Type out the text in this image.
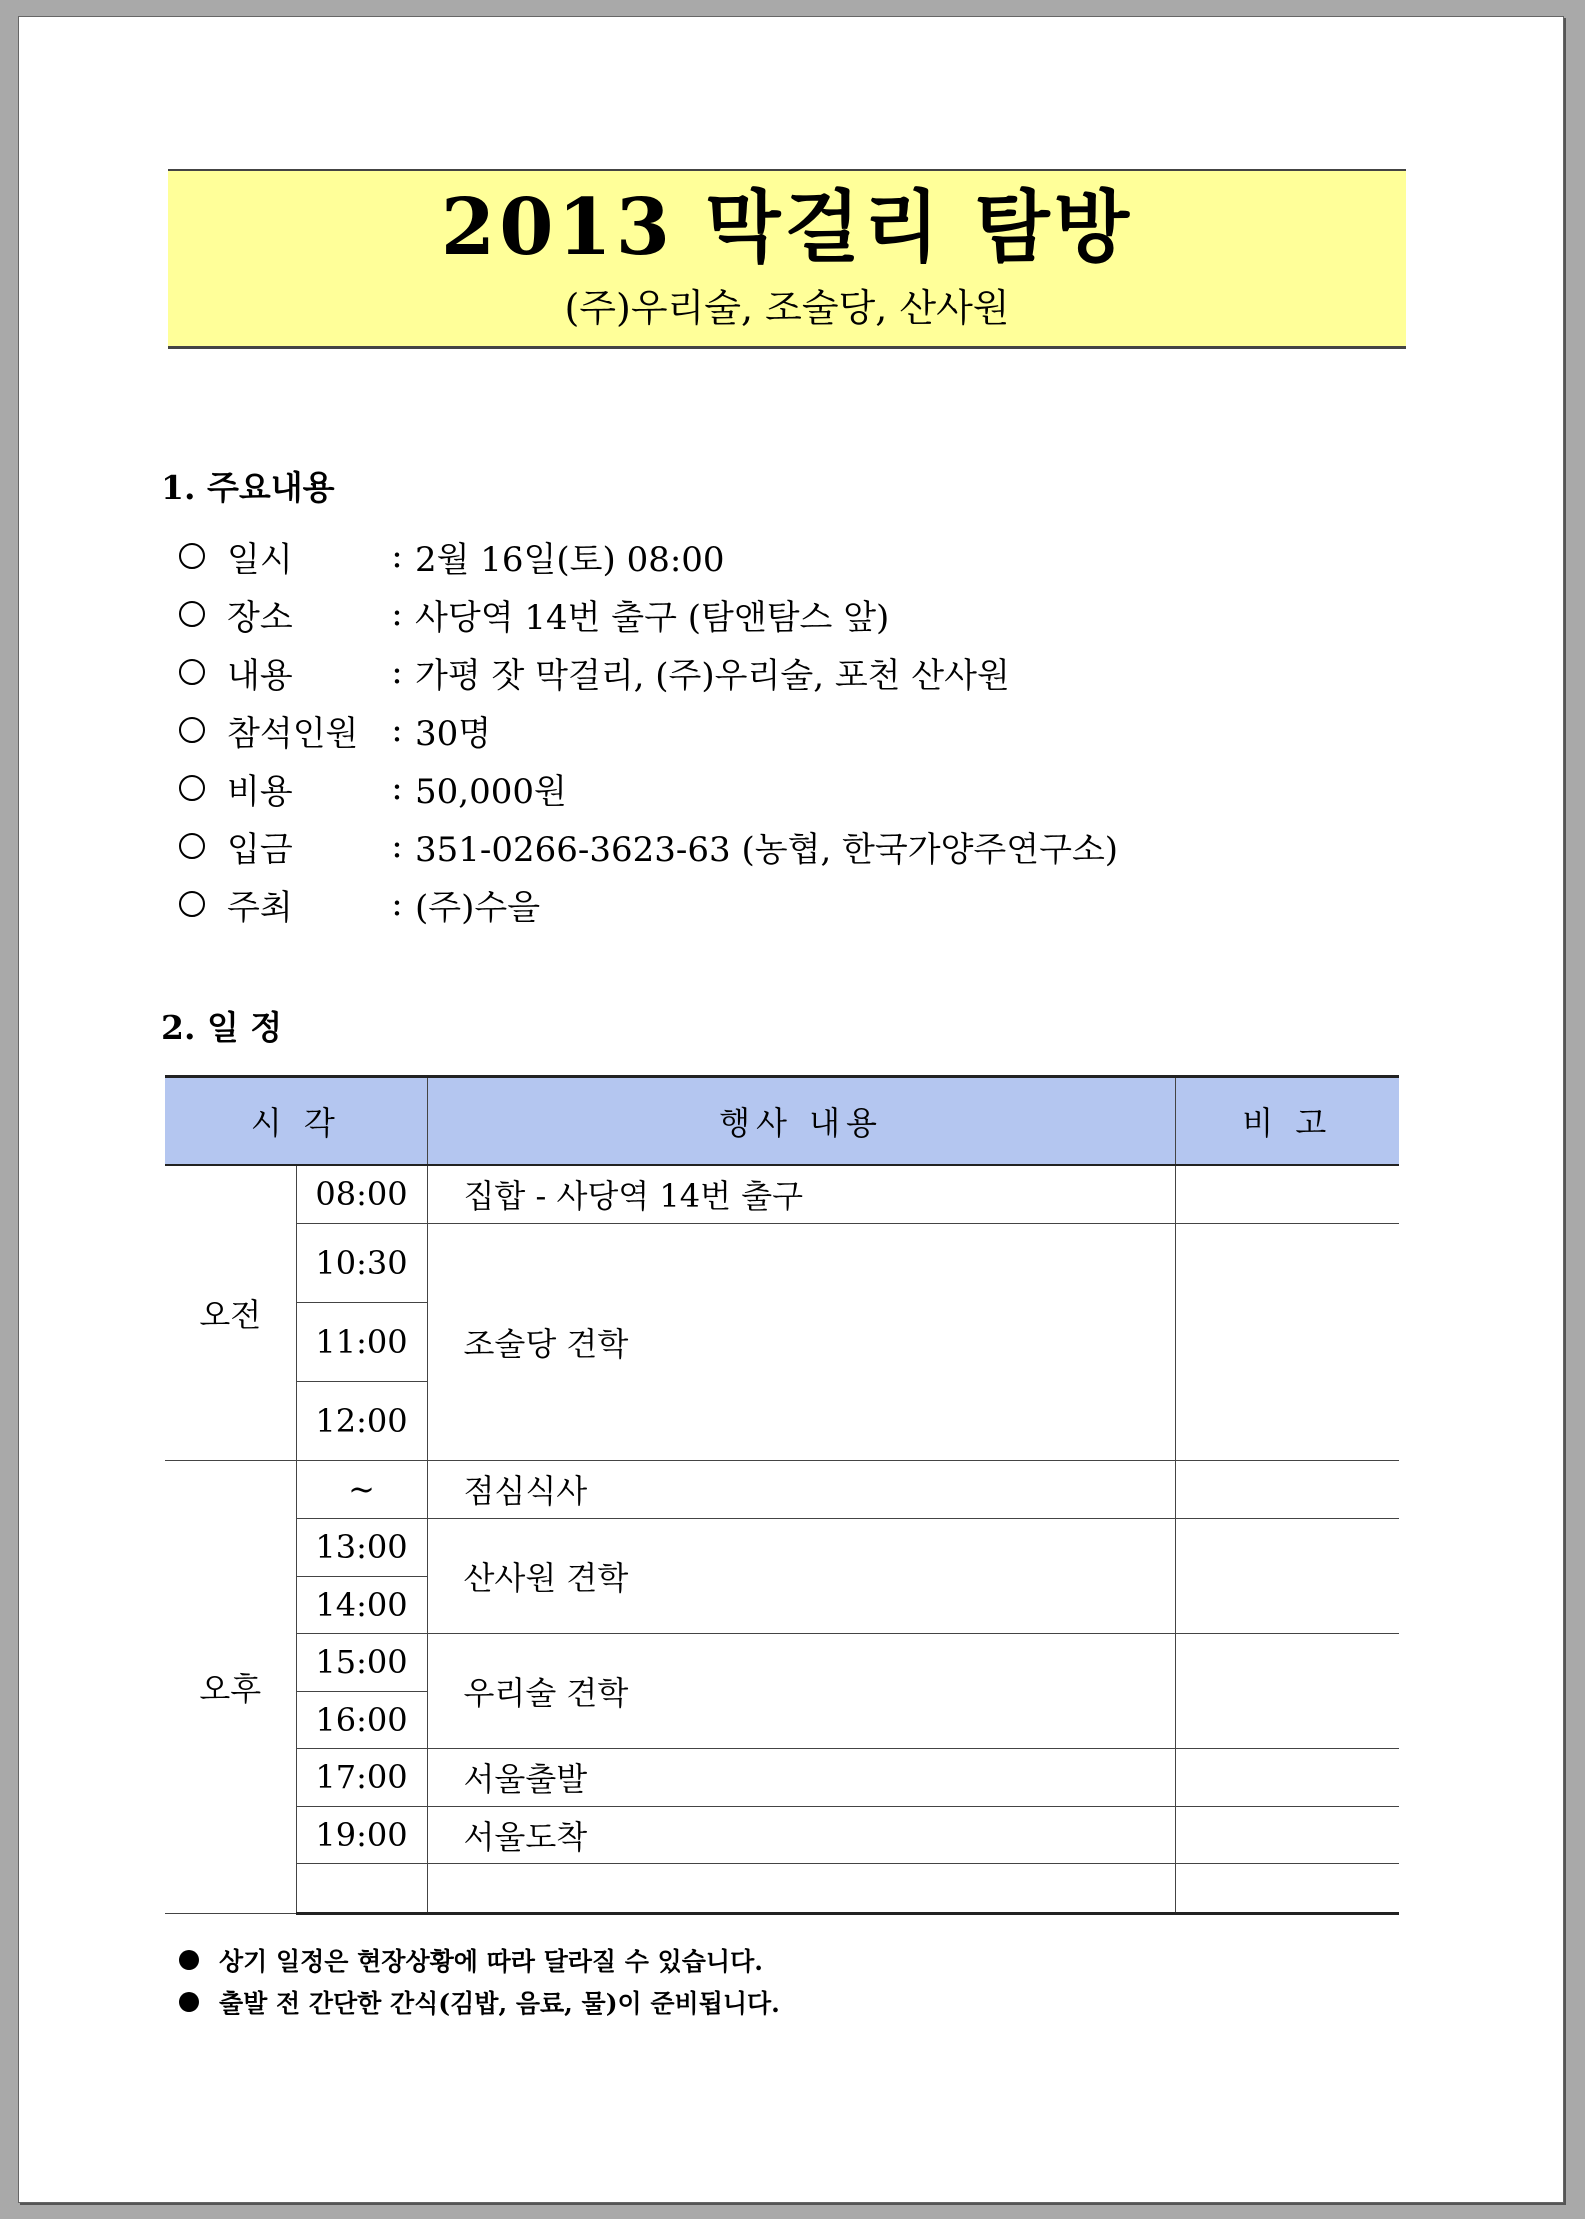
2013 막걸리 탐방
(주)우리술, 조술당, 산사원
1. 주요내용
일시	: 2월 16일(토) 08:00
장소	: 사당역 14번 출구 (탐앤탐스 앞)
내용	: 가평 잣 막걸리, (주)우리술, 포천 산사원
참석인원 : 30명
비용	: 50,000원
입금	: 351-0266-3623-63 (농협, 한국가양주연구소)
주최	: (주)수을
2. 일 정
시 각		행사 내용	비 고
오전	08:00	집합 - 사당역 14번 출구	
	10:30	조술당 견학	
	11:00		
	12:00		
오후	~	점심식사	
	13:00	산사원 견학	
	14:00		
	15:00	우리술 견학	
	16:00		
	17:00	서울출발	
	19:00	서울도착	

상기 일정은 현장상황에 따라 달라질 수 있습니다.
출발 전 간단한 간식(김밥, 음료, 물)이 준비됩니다.
